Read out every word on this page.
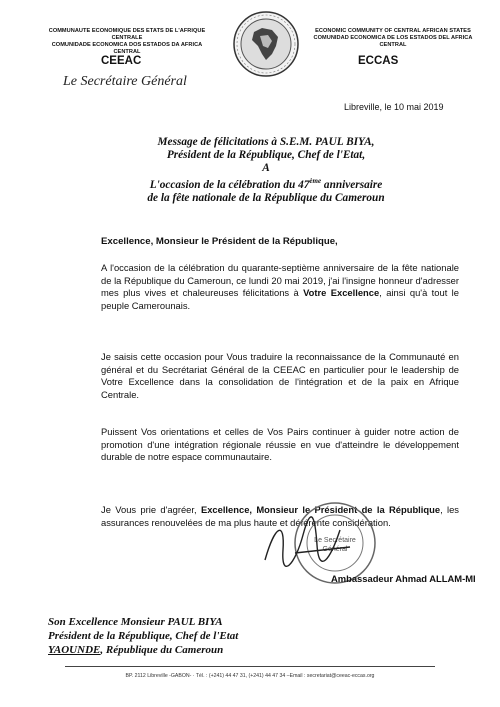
COMMUNAUTE ECONOMIQUE DES ETATS DE L'AFRIQUE CENTRALE
COMUNIDADE ECONOMICA DOS ESTADOS DA AFRICA CENTRAL
ECONOMIC COMMUNITY OF CENTRAL AFRICAN STATES
COMUNIDAD ECONOMICA DE LOS ESTADOS DEL AFRICA CENTRAL
CEEAC	ECCAS
Le Secrétaire Général
Libreville, le 10 mai 2019
Message de félicitations à S.E.M. PAUL BIYA,
Président de la République, Chef de l'Etat,
A
L'occasion de la célébration du 47ème anniversaire
de la fête nationale de la République du Cameroun
Excellence, Monsieur le Président de la République,
A l'occasion de la célébration du quarante-septième anniversaire de la fête nationale de la République du Cameroun, ce lundi 20 mai 2019, j'ai l'insigne honneur d'adresser mes plus vives et chaleureuses félicitations à Votre Excellence, ainsi qu'à tout le peuple Camerounais.
Je saisis cette occasion pour Vous traduire la reconnaissance de la Communauté en général et du Secrétariat Général de la CEEAC en particulier pour le leadership de Votre Excellence dans la consolidation de l'intégration et de la paix en Afrique Centrale.
Puissent Vos orientations et celles de Vos Pairs continuer à guider notre action de promotion d'une intégration régionale réussie en vue d'atteindre le développement durable de notre espace communautaire.
Je Vous prie d'agréer, Excellence, Monsieur le Président de la République, les assurances renouvelées de ma plus haute et déférente considération.
Le Secrétaire
Général
Ambassadeur Ahmad ALLAM-MI
Son Excellence Monsieur PAUL BIYA
Président de la République, Chef de l'Etat
YAOUNDE, République du Cameroun
BP. 2112 Libreville -GABON- · Tél. : (+241) 44 47 31, (+241) 44 47 34 –Email : secretariat@ceeac-eccas.org
